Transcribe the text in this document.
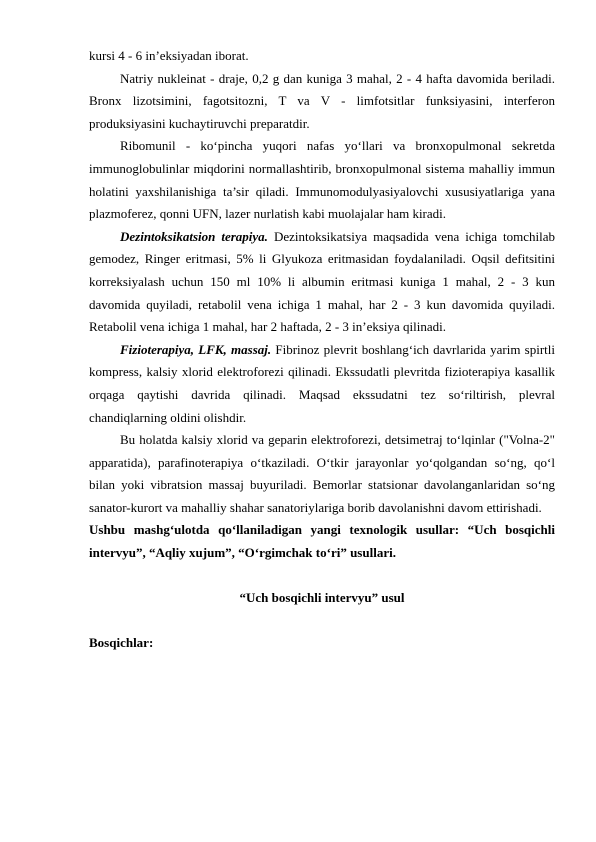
kursi 4 - 6 in’eksiyadan iborat.

Natriy nukleinat - draje, 0,2 g dan kuniga 3 mahal, 2 - 4 hafta davomida beriladi. Bronx lizotsimini, fagotsitozni, T va V - limfotsitlar funksiyasini, interferon produksiyasini kuchaytiruvchi preparatdir.

Ribomunil - ko‘pincha yuqori nafas yo‘llari va bronxopulmonal sekretda immunoglobulinlar miqdorini normallashtirib, bronxopulmonal sistema mahalliy immun holatini yaxshilanishiga ta’sir qiladi. Immunomodulyasiyalovchi xususiyatlariga yana plazmoferez, qonni UFN, lazer nurlatish kabi muolajalar ham kiradi.

Dezintoksikatsion terapiya. Dezintoksikatsiya maqsadida vena ichiga tomchilab gemodez, Ringer eritmasi, 5% li Glyukoza eritmasidan foydalaniladi. Oqsil defitsitini korreksiyalash uchun 150 ml 10% li albumin eritmasi kuniga 1 mahal, 2 - 3 kun davomida quyiladi, retabolil vena ichiga 1 mahal, har 2 - 3 kun davomida quyiladi. Retabolil vena ichiga 1 mahal, har 2 haftada, 2 - 3 in’eksiya qilinadi.

Fizioterapiya, LFK, massaj. Fibrinoz plevrit boshlang‘ich davrlarida yarim spirtli kompress, kalsiy xlorid elektroforezi qilinadi. Ekssudatli plevritda fizioterapiya kasallik orqaga qaytishi davrida qilinadi. Maqsad ekssudatni tez so‘riltirish, plevral chandiqlarning oldini olishdir.

Bu holatda kalsiy xlorid va geparin elektroforezi, detsimetraj to‘lqinlar ("Volna-2" apparatida), parafinoterapiya o‘tkaziladi. O‘tkir jarayonlar yo‘qolgandan so‘ng, qo‘l bilan yoki vibratsion massaj buyuriladi. Bemorlar statsionar davolanganlaridan so‘ng sanator-kurort va mahalliy shahar sanatoriylariga borib davolanishni davom ettirishadi.

Ushbu mashg‘ulotda qo‘llaniladigan yangi texnologik usullar: “Uch bosqichli intervyu”, “Aqliy xujum”, “O‘rgimchak to‘ri” usullari.

“Uch bosqichli intervyu” usul

Bosqichlar:
